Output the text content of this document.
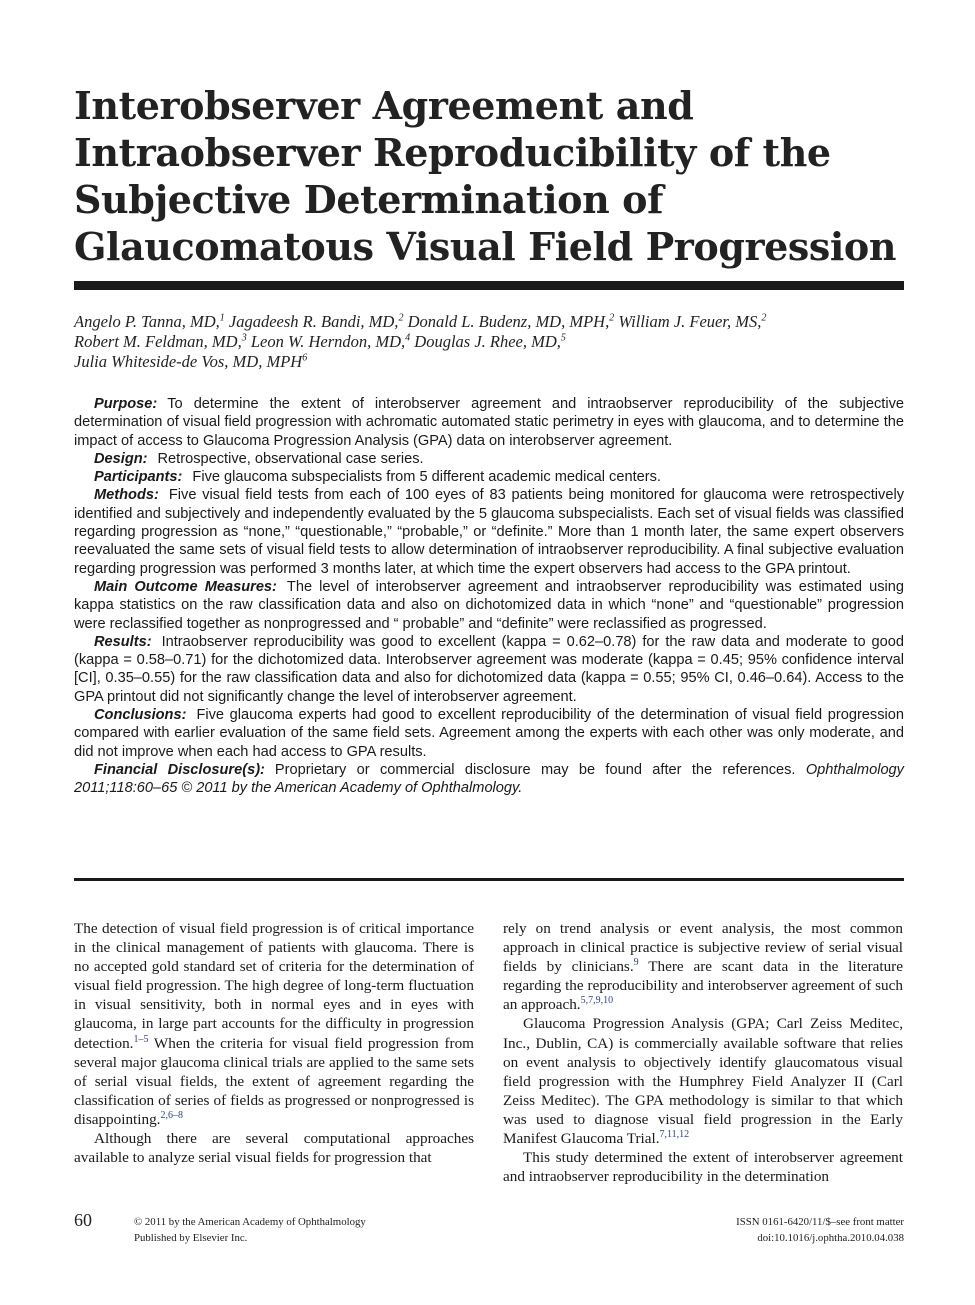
Interobserver Agreement and Intraobserver Reproducibility of the Subjective Determination of Glaucomatous Visual Field Progression
Angelo P. Tanna, MD,$^1$ Jagadeesh R. Bandi, MD,$^2$ Donald L. Budenz, MD, MPH,$^2$ William J. Feuer, MS,$^2$
Robert M. Feldman, MD,$^3$ Leon W. Herndon, MD,$^4$ Douglas J. Rhee, MD,$^5$
Julia Whiteside-de Vos, MD, MPH$^6$

Purpose: To determine the extent of interobserver agreement and intraobserver reproducibility of the subjective determination of visual field progression with achromatic automated static perimetry in eyes with glaucoma, and to determine the impact of access to Glaucoma Progression Analysis (GPA) data on interobserver agreement.

Design: Retrospective, observational case series.

Participants: Five glaucoma subspecialists from 5 different academic medical centers.

Methods: Five visual field tests from each of 100 eyes of 83 patients being monitored for glaucoma were retrospectively identified and subjectively and independently evaluated by the 5 glaucoma subspecialists. Each set of visual fields was classified regarding progression as “none,” “questionable,” “probable,” or “definite.” More than 1 month later, the same expert observers reevaluated the same sets of visual field tests to allow determination of intraobserver reproducibility. A final subjective evaluation regarding progression was performed 3 months later, at which time the expert observers had access to the GPA printout.

Main Outcome Measures: The level of interobserver agreement and intraobserver reproducibility was estimated using kappa statistics on the raw classification data and also on dichotomized data in which “none” and “questionable” progression were reclassified together as nonprogressed and “ probable” and “definite” were reclassified as progressed.

Results: Intraobserver reproducibility was good to excellent (kappa = 0.62–0.78) for the raw data and moderate to good (kappa = 0.58–0.71) for the dichotomized data. Interobserver agreement was moderate (kappa = 0.45; 95% confidence interval [CI], 0.35–0.55) for the raw classification data and also for dichotomized data (kappa = 0.55; 95% CI, 0.46–0.64). Access to the GPA printout did not significantly change the level of interobserver agreement.

Conclusions: Five glaucoma experts had good to excellent reproducibility of the determination of visual field progression compared with earlier evaluation of the same field sets. Agreement among the experts with each other was only moderate, and did not improve when each had access to GPA results.

Financial Disclosure(s): Proprietary or commercial disclosure may be found after the references. Ophthalmology 2011;118:60–65 © 2011 by the American Academy of Ophthalmology.

The detection of visual field progression is of critical importance in the clinical management of patients with glaucoma. There is no accepted gold standard set of criteria for the determination of visual field progression. The high degree of long-term fluctuation in visual sensitivity, both in normal eyes and in eyes with glaucoma, in large part accounts for the difficulty in progression detection.$^{1-5}$ When the criteria for visual field progression from several major glaucoma clinical trials are applied to the same sets of serial visual fields, the extent of agreement regarding the classification of series of fields as progressed or nonprogressed is disappointing.$^{2,6-8}$

Although there are several computational approaches available to analyze serial visual fields for progression that

rely on trend analysis or event analysis, the most common approach in clinical practice is subjective review of serial visual fields by clinicians.$^9$ There are scant data in the literature regarding the reproducibility and interobserver agreement of such an approach.$^{5,7,9,10}$

Glaucoma Progression Analysis (GPA; Carl Zeiss Meditec, Inc., Dublin, CA) is commercially available software that relies on event analysis to objectively identify glaucomatous visual field progression with the Humphrey Field Analyzer II (Carl Zeiss Meditec). The GPA methodology is similar to that which was used to diagnose visual field progression in the Early Manifest Glaucoma Trial.$^{7,11,12}$

This study determined the extent of interobserver agreement and intraobserver reproducibility in the determination

60	© 2011 by the American Academy of Ophthalmology
Published by Elsevier Inc.
ISSN 0161-6420/11/$–see front matter
doi:10.1016/j.ophtha.2010.04.038
